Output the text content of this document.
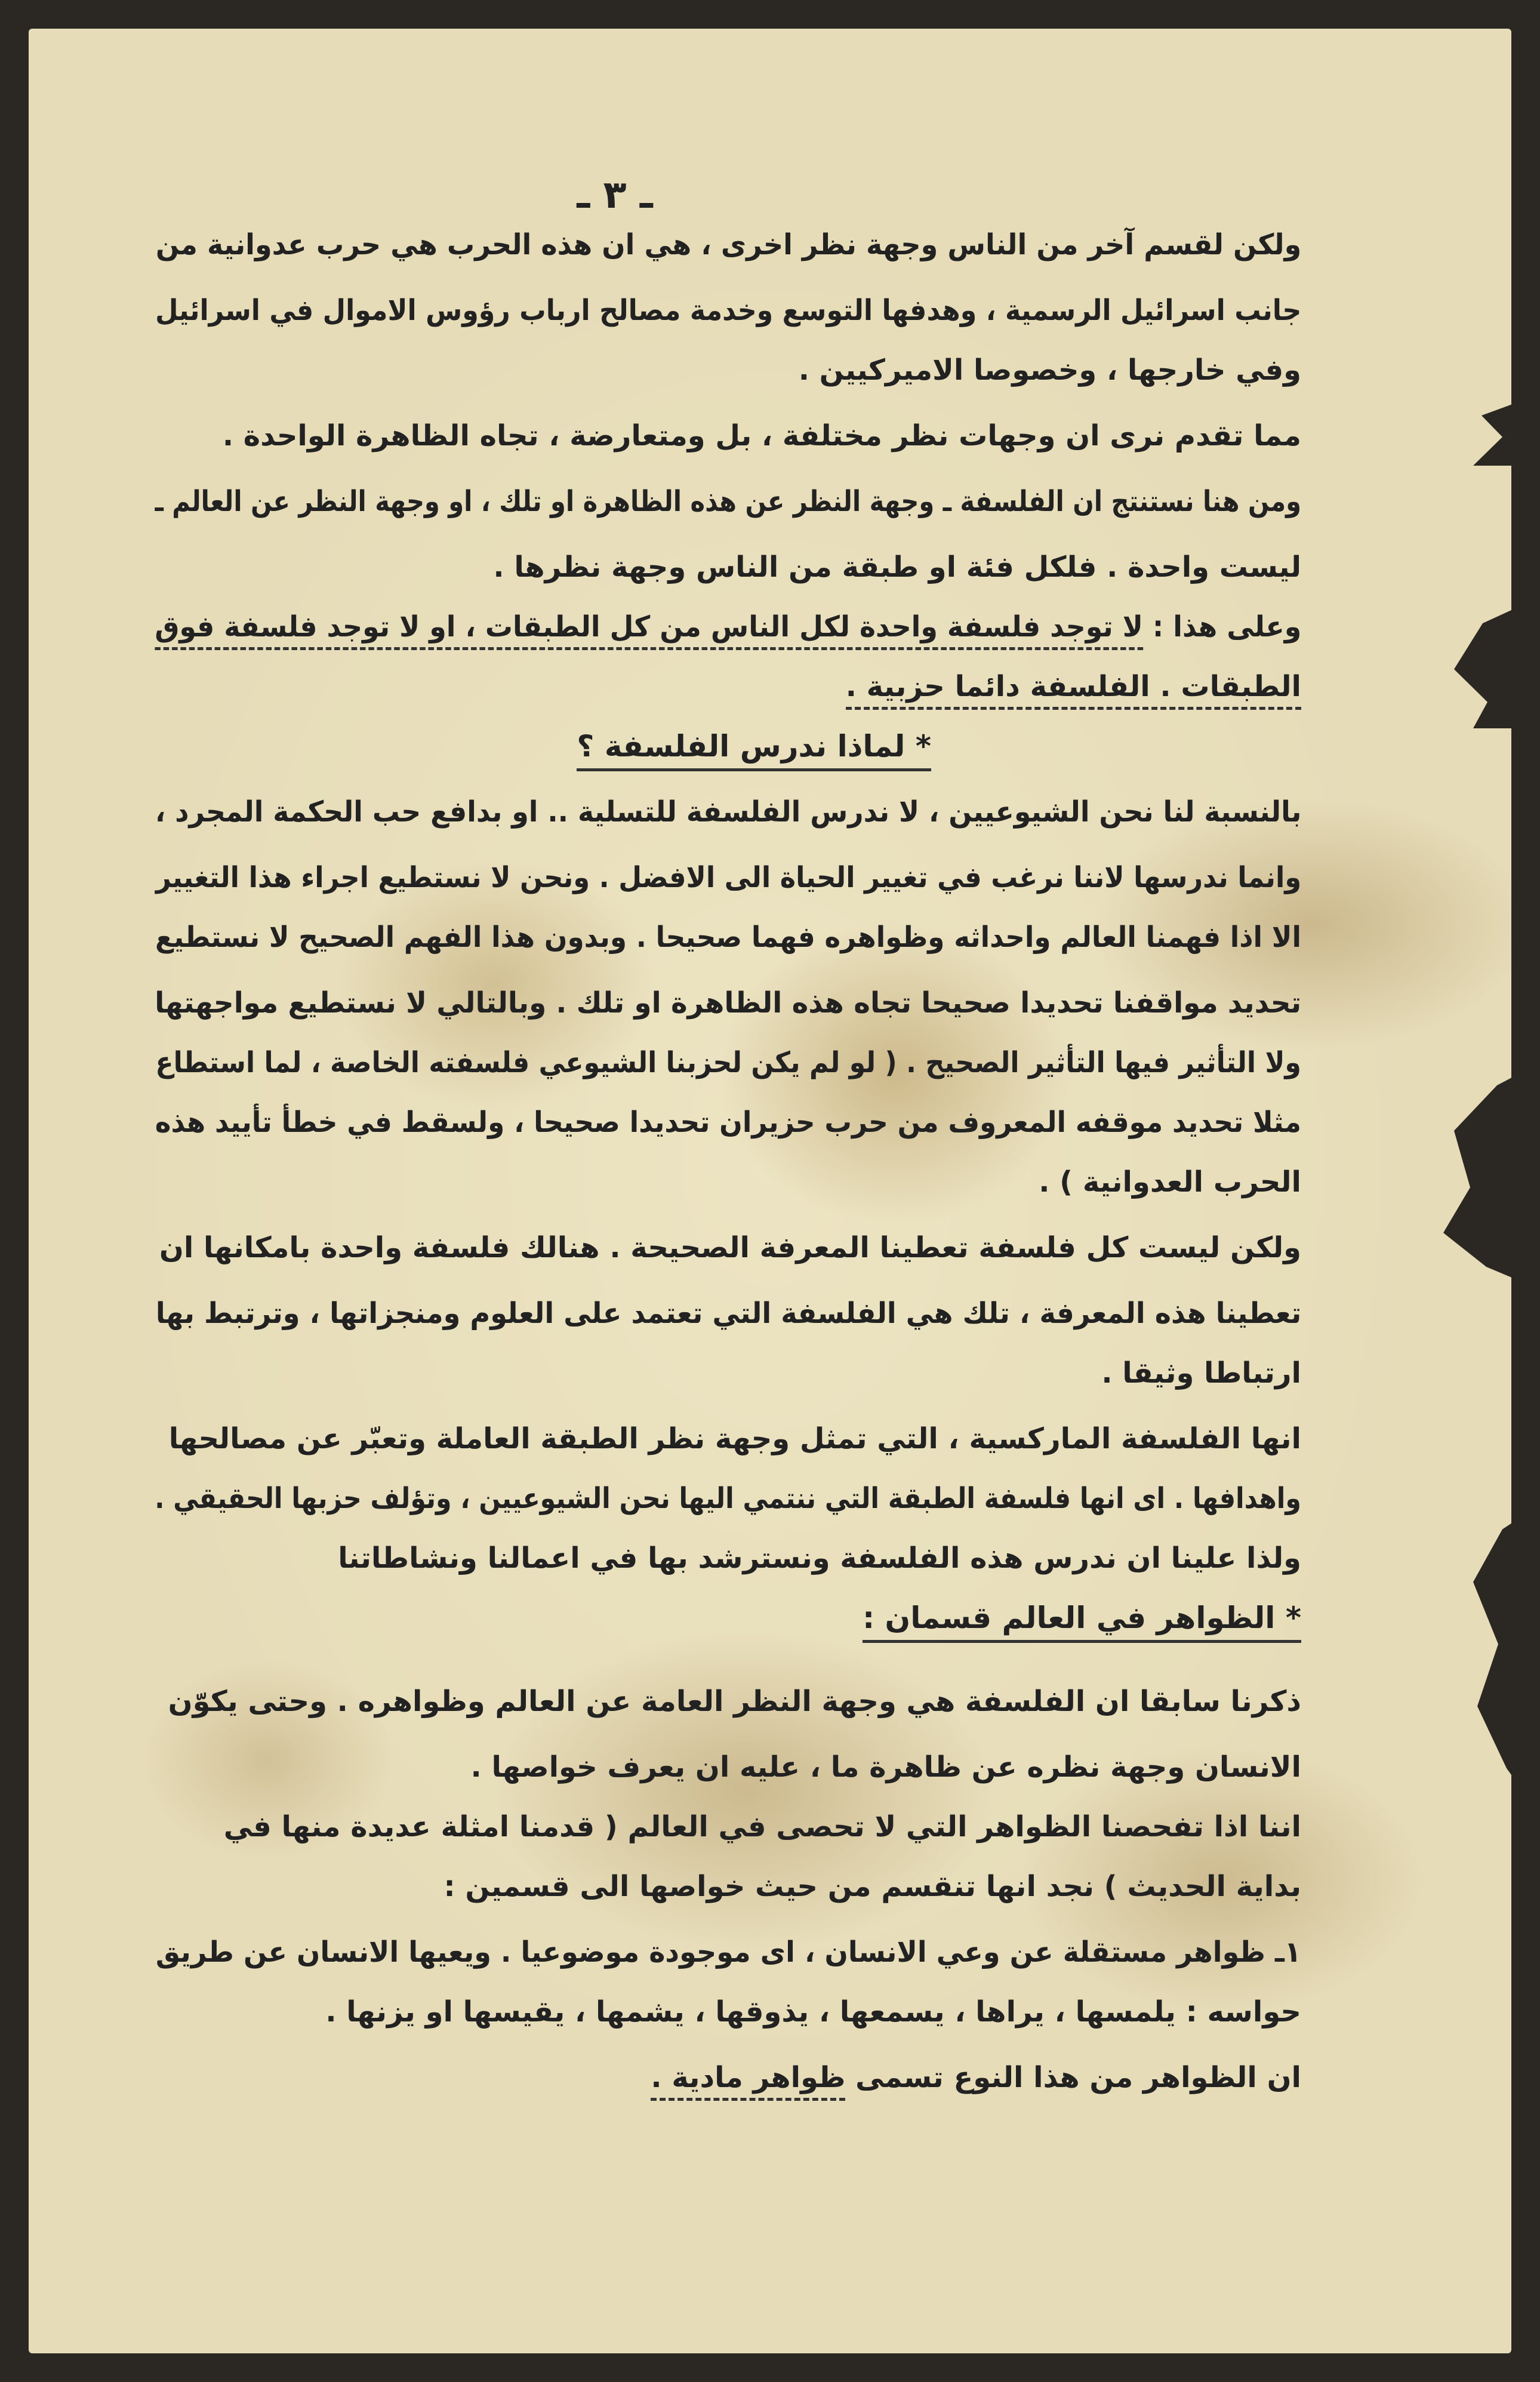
ـ ٣ ـ
ولكن لقسم آخر من الناس وجهة نظر اخرى ، هي ان هذه الحرب هي حرب عدوانية من
جانب اسرائيل الرسمية ، وهدفها التوسع وخدمة مصالح ارباب رؤوس الاموال في اسرائيل
وفي خارجها ، وخصوصا الاميركيين .
مما تقدم نرى ان وجهات نظر مختلفة ، بل ومتعارضة ، تجاه الظاهرة الواحدة .
ومن هنا نستنتج ان الفلسفة ـ وجهة النظر عن هذه الظاهرة او تلك ، او وجهة النظر عن العالم ـ
ليست واحدة . فلكل فئة او طبقة من الناس وجهة نظرها .
وعلى هذا : لا توجد فلسفة واحدة لكل الناس من كل الطبقات ، او لا توجد فلسفة فوق
الطبقات . الفلسفة دائما حزبية .
* لماذا ندرس الفلسفة ؟
بالنسبة لنا نحن الشيوعيين ، لا ندرس الفلسفة للتسلية .. او بدافع حب الحكمة المجرد ،
وانما ندرسها لاننا نرغب في تغيير الحياة الى الافضل . ونحن لا نستطيع اجراء هذا التغيير
الا اذا فهمنا العالم واحداثه وظواهره فهما صحيحا . وبدون هذا الفهم الصحيح لا نستطيع
تحديد مواقفنا تحديدا صحيحا تجاه هذه الظاهرة او تلك . وبالتالي لا نستطيع مواجهتها
ولا التأثير فيها التأثير الصحيح . ( لو لم يكن لحزبنا الشيوعي فلسفته الخاصة ، لما استطاع
مثلا تحديد موقفه المعروف من حرب حزيران تحديدا صحيحا ، ولسقط في خطأ تأييد هذه
الحرب العدوانية ) .
ولكن ليست كل فلسفة تعطينا المعرفة الصحيحة . هنالك فلسفة واحدة بامكانها ان
تعطينا هذه المعرفة ، تلك هي الفلسفة التي تعتمد على العلوم ومنجزاتها ، وترتبط بها
ارتباطا وثيقا .
انها الفلسفة الماركسية ، التي تمثل وجهة نظر الطبقة العاملة وتعبّر عن مصالحها
واهدافها . اى انها فلسفة الطبقة التي ننتمي اليها نحن الشيوعيين ، وتؤلف حزبها الحقيقي .
ولذا علينا ان ندرس هذه الفلسفة ونسترشد بها في اعمالنا ونشاطاتنا
* الظواهر في العالم قسمان :
ذكرنا سابقا ان الفلسفة هي وجهة النظر العامة عن العالم وظواهره . وحتى يكوّن
الانسان وجهة نظره عن ظاهرة ما ، عليه ان يعرف خواصها .
اننا اذا تفحصنا الظواهر التي لا تحصى في العالم ( قدمنا امثلة عديدة منها في
بداية الحديث ) نجد انها تنقسم من حيث خواصها الى قسمين :
١ـ ظواهر مستقلة عن وعي الانسان ، اى موجودة موضوعيا . ويعيها الانسان عن طريق
حواسه : يلمسها ، يراها ، يسمعها ، يذوقها ، يشمها ، يقيسها او يزنها .
ان الظواهر من هذا النوع تسمى ظواهر مادية .
